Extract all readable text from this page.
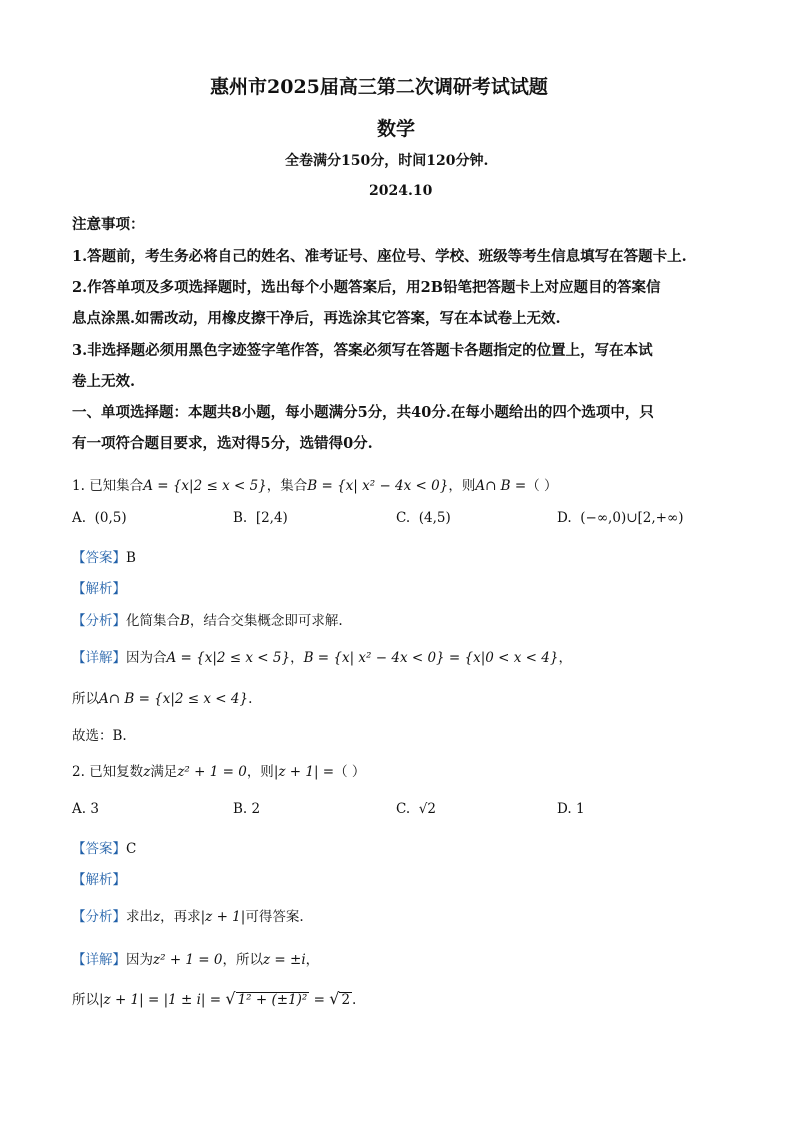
惠州市2025届高三第二次调研考试试题
数学
全卷满分150分，时间120分钟.
2024.10
注意事项：
1.答题前，考生务必将自己的姓名、准考证号、座位号、学校、班级等考生信息填写在答题卡上.
2.作答单项及多项选择题时，选出每个小题答案后，用2B铅笔把答题卡上对应题目的答案信
息点涂黑.如需改动，用橡皮擦干净后，再选涂其它答案，写在本试卷上无效.
3.非选择题必须用黑色字迹签字笔作答，答案必须写在答题卡各题指定的位置上，写在本试
卷上无效.
一、单项选择题：本题共8小题，每小题满分5分，共40分.在每小题给出的四个选项中，只
有一项符合题目要求，选对得5分，选错得0分.
1. 已知集合A = {x|2 ≤ x < 5}，集合B = {x| x² − 4x < 0}，则A∩ B =（ ）
A. (0,5)	B. [2,4)	C. (4,5)	D. (−∞,0)∪[2,+∞)
【答案】B
【解析】
【分析】化简集合B，结合交集概念即可求解.
【详解】因为合A = {x|2 ≤ x < 5}，B = {x| x² − 4x < 0} = {x|0 < x < 4}，
所以A∩ B = {x|2 ≤ x < 4}.
故选：B.
2. 已知复数z满足z² + 1 = 0，则|z + 1| =（ ）
A. 3	B. 2	C. √2	D. 1
【答案】C
【解析】
【分析】求出z，再求|z + 1|可得答案.
【详解】因为z² + 1 = 0，所以z = ±i，
所以|z + 1| = |1 ± i| = √ 1² + (±1)² = √ 2 .
